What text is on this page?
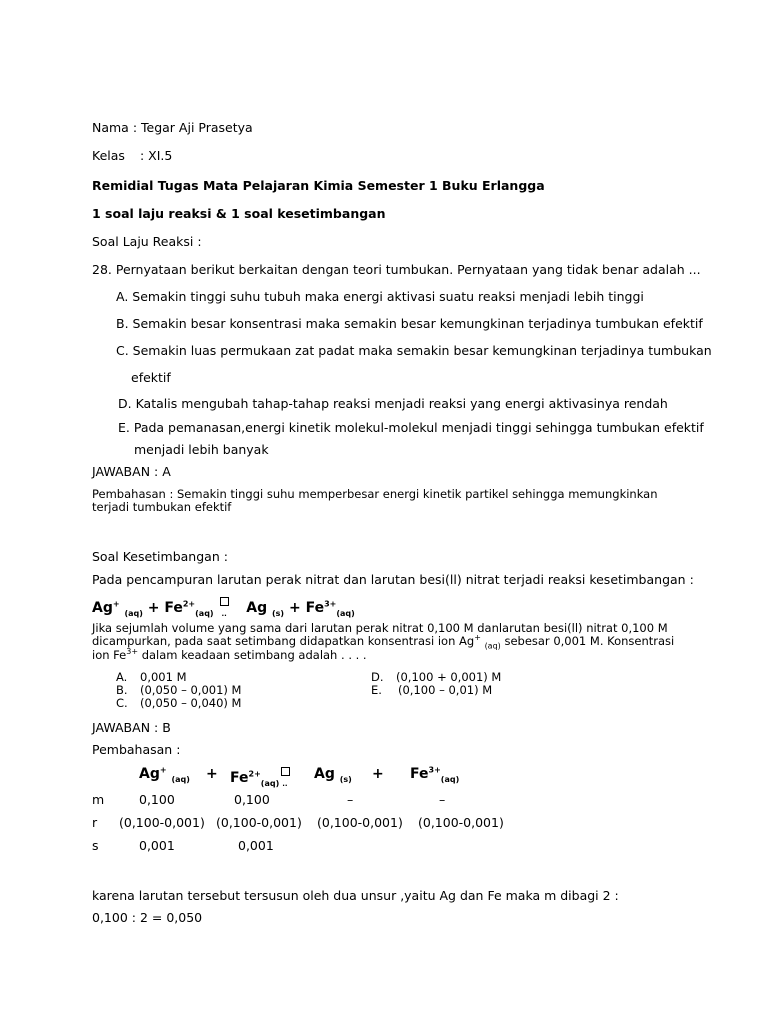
Nama : Tegar Aji Prasetya
Kelas : XI.5
Remidial Tugas Mata Pelajaran Kimia Semester 1 Buku Erlangga
1 soal laju reaksi & 1 soal kesetimbangan
Soal Laju Reaksi :
28. Pernyataan berikut berkaitan dengan teori tumbukan. Pernyataan yang tidak benar adalah ...
A. Semakin tinggi suhu tubuh maka energi aktivasi suatu reaksi menjadi lebih tinggi
B. Semakin besar konsentrasi maka semakin besar kemungkinan terjadinya tumbukan efektif
C. Semakin luas permukaan zat padat maka semakin besar kemungkinan terjadinya tumbukan
efektif
D. Katalis mengubah tahap-tahap reaksi menjadi reaksi yang energi aktivasinya rendah
E. Pada pemanasan,energi kinetik molekul-molekul menjadi tinggi sehingga tumbukan efektif
menjadi lebih banyak
JAWABAN : A
Pembahasan : Semakin tinggi suhu memperbesar energi kinetik partikel sehingga memungkinkan
terjadi tumbukan efektif
Soal Kesetimbangan :
Pada pencampuran larutan perak nitrat dan larutan besi(ll) nitrat terjadi reaksi kesetimbangan :
Ag+ $_{(aq)} + Fe^{2+}_{(aq)}$ .. Ag $_{(s)} + Fe^{3+}_{(aq)}$
Jika sejumlah volume yang sama dari larutan perak nitrat 0,100 M danlarutan besi(ll) nitrat 0,100 M
dicampurkan, pada saat setimbang didapatkan konsentrasi ion Ag+ $_{(aq)}$ sebesar 0,001 M. Konsentrasi
ion $Fe^{3+}$ dalam keadaan setimbang adalah . . . .
A. 0,001 M
B. (0,050 – 0,001) M
C. (0,050 – 0,040) M
D. (0,100 + 0,001) M
E. (0,100 – 0,01) M
JAWABAN : B
Pembahasan :
Ag+ $_{(aq)} + Fe^{2+}_{(aq)}$ ..
Ag $_{(s)} + Fe^{3+}_{(aq)}$
m	0,100	0,100	–	–
r (0,100-0,001) (0,100-0,001) (0,100-0,001) (0,100-0,001)
s	0,001	0,001
karena larutan tersebut tersusun oleh dua unsur ,yaitu Ag dan Fe maka m dibagi 2 :
0,100 : 2 = 0,050
